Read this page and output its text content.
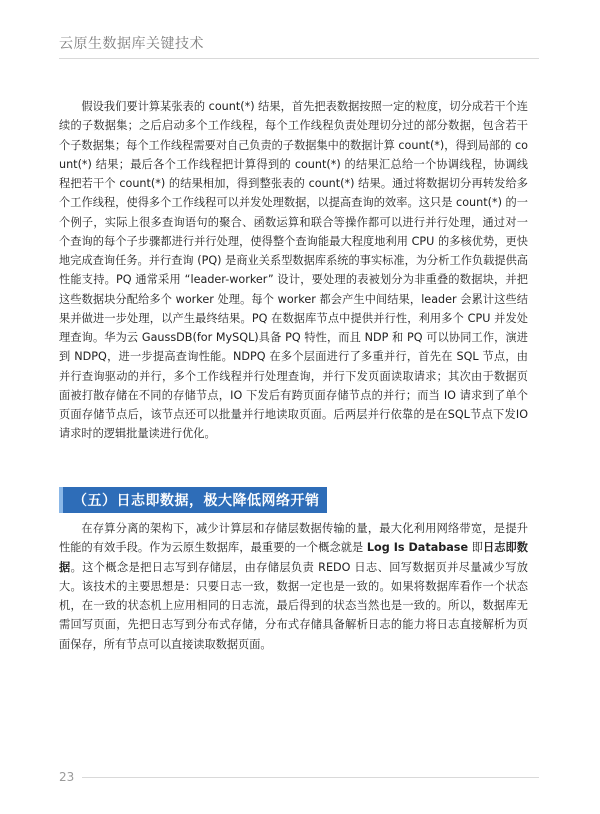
云原生数据库关键技术

假设我们要计算某张表的 count(*) 结果，首先把表数据按照一定的粒度，切分成若干个连续的子数据集；之后启动多个工作线程，每个工作线程负责处理切分过的部分数据，包含若干个子数据集；每个工作线程需要对自己负责的子数据集中的数据计算 count(*)，得到局部的 count(*) 结果；最后各个工作线程把计算得到的 count(*) 的结果汇总给一个协调线程，协调线程把若干个 count(*) 的结果相加，得到整张表的 count(*) 结果。通过将数据切分再转发给多个工作线程，使得多个工作线程可以并发处理数据，以提高查询的效率。这只是 count(*) 的一个例子，实际上很多查询语句的聚合、函数运算和联合等操作都可以进行并行处理，通过对一个查询的每个子步骤都进行并行处理，使得整个查询能最大程度地利用 CPU 的多核优势，更快地完成查询任务。并行查询 (PQ) 是商业关系型数据库系统的事实标准，为分析工作负载提供高性能支持。PQ 通常采用 “leader-worker” 设计，要处理的表被划分为非重叠的数据块，并把这些数据块分配给多个 worker 处理。每个 worker 都会产生中间结果，leader 会累计这些结果并做进一步处理，以产生最终结果。PQ 在数据库节点中提供并行性，利用多个 CPU 并发处理查询。华为云 GaussDB(for MySQL)具备 PQ 特性，而且 NDP 和 PQ 可以协同工作，演进到 NDPQ，进一步提高查询性能。NDPQ 在多个层面进行了多重并行，首先在 SQL 节点，由并行查询驱动的并行，多个工作线程并行处理查询，并行下发页面读取请求；其次由于数据页面被打散存储在不同的存储节点，IO 下发后有跨页面存储节点的并行；而当 IO 请求到了单个页面存储节点后，该节点还可以批量并行地读取页面。后两层并行依靠的是在SQL节点下发IO请求时的逻辑批量读进行优化。

（五）日志即数据，极大降低网络开销

在存算分离的架构下，减少计算层和存储层数据传输的量，最大化利用网络带宽，是提升性能的有效手段。作为云原生数据库，最重要的一个概念就是 Log Is Database 即日志即数据。这个概念是把日志写到存储层，由存储层负责 REDO 日志、回写数据页并尽量减少写放大。该技术的主要思想是：只要日志一致，数据一定也是一致的。如果将数据库看作一个状态机，在一致的状态机上应用相同的日志流，最后得到的状态当然也是一致的。所以，数据库无需回写页面，先把日志写到分布式存储，分布式存储具备解析日志的能力将日志直接解析为页面保存，所有节点可以直接读取数据页面。

23
